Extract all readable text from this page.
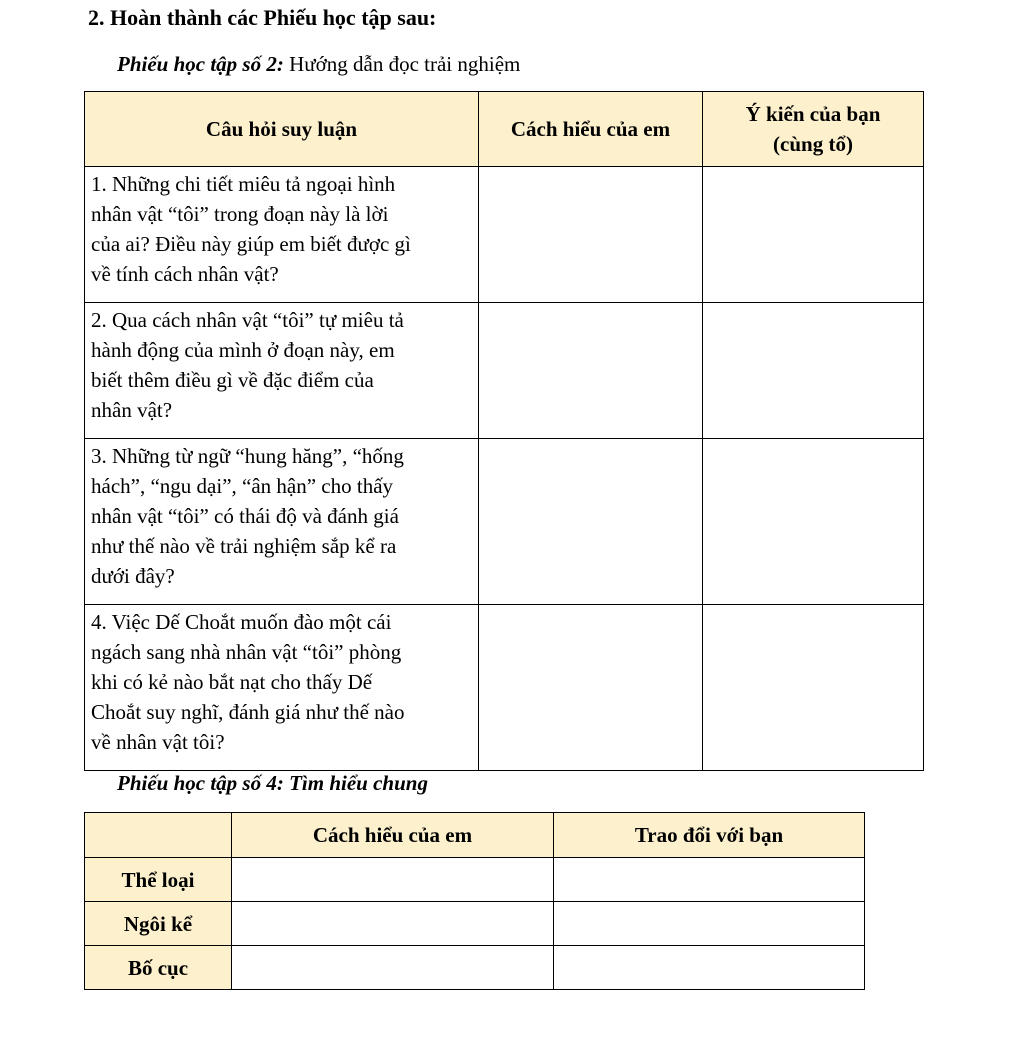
2. Hoàn thành các Phiếu học tập sau:
Phiếu học tập số 2: Hướng dẫn đọc trải nghiệm
Câu hỏi suy luận	Cách hiểu của em	Ý kiến của bạn
(cùng tổ)

1. Những chi tiết miêu tả ngoại hình
nhân vật “tôi” trong đoạn này là lời
của ai? Điều này giúp em biết được gì
về tính cách nhân vật?		

2. Qua cách nhân vật “tôi” tự miêu tả
hành động của mình ở đoạn này, em
biết thêm điều gì về đặc điểm của
nhân vật?		

3. Những từ ngữ “hung hăng”, “hống
hách”, “ngu dại”, “ân hận” cho thấy
nhân vật “tôi” có thái độ và đánh giá
như thế nào về trải nghiệm sắp kể ra
dưới đây?		

4. Việc Dế Choắt muốn đào một cái
ngách sang nhà nhân vật “tôi” phòng
khi có kẻ nào bắt nạt cho thấy Dế
Choắt suy nghĩ, đánh giá như thế nào
về nhân vật tôi?		

Phiếu học tập số 4: Tìm hiểu chung
	Cách hiểu của em	Trao đổi với bạn
Thể loại		
Ngôi kể		
Bố cục		
